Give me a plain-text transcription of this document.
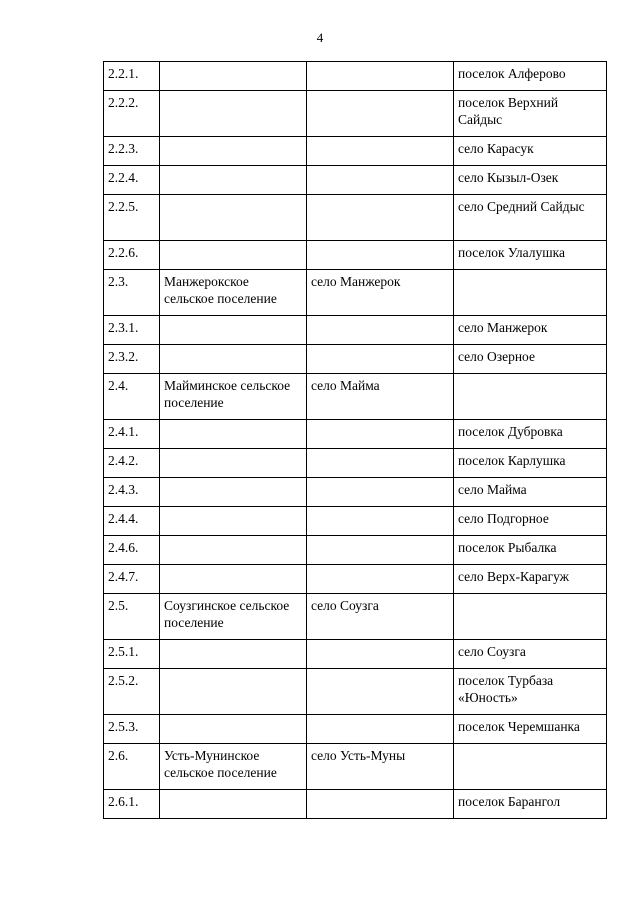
4
2.2.1.			поселок Алферово
2.2.2.			поселок Верхний Сайдыс
2.2.3.			село Карасук
2.2.4.			село Кызыл-Озек
2.2.5.			село Средний Сайдыс
2.2.6.			поселок Улалушка
2.3.	Манжерокское сельское поселение	село Манжерок	
2.3.1.			село Манжерок
2.3.2.			село Озерное
2.4.	Майминское сельское поселение	село Майма	
2.4.1.			поселок Дубровка
2.4.2.			поселок Карлушка
2.4.3.			село Майма
2.4.4.			село Подгорное
2.4.6.			поселок Рыбалка
2.4.7.			село Верх-Карагуж
2.5.	Соузгинское сельское поселение	село Соузга	
2.5.1.			село Соузга
2.5.2.			поселок Турбаза «Юность»
2.5.3.			поселок Черемшанка
2.6.	Усть-Мунинское сельское поселение	село Усть-Муны	
2.6.1.			поселок Барангол
